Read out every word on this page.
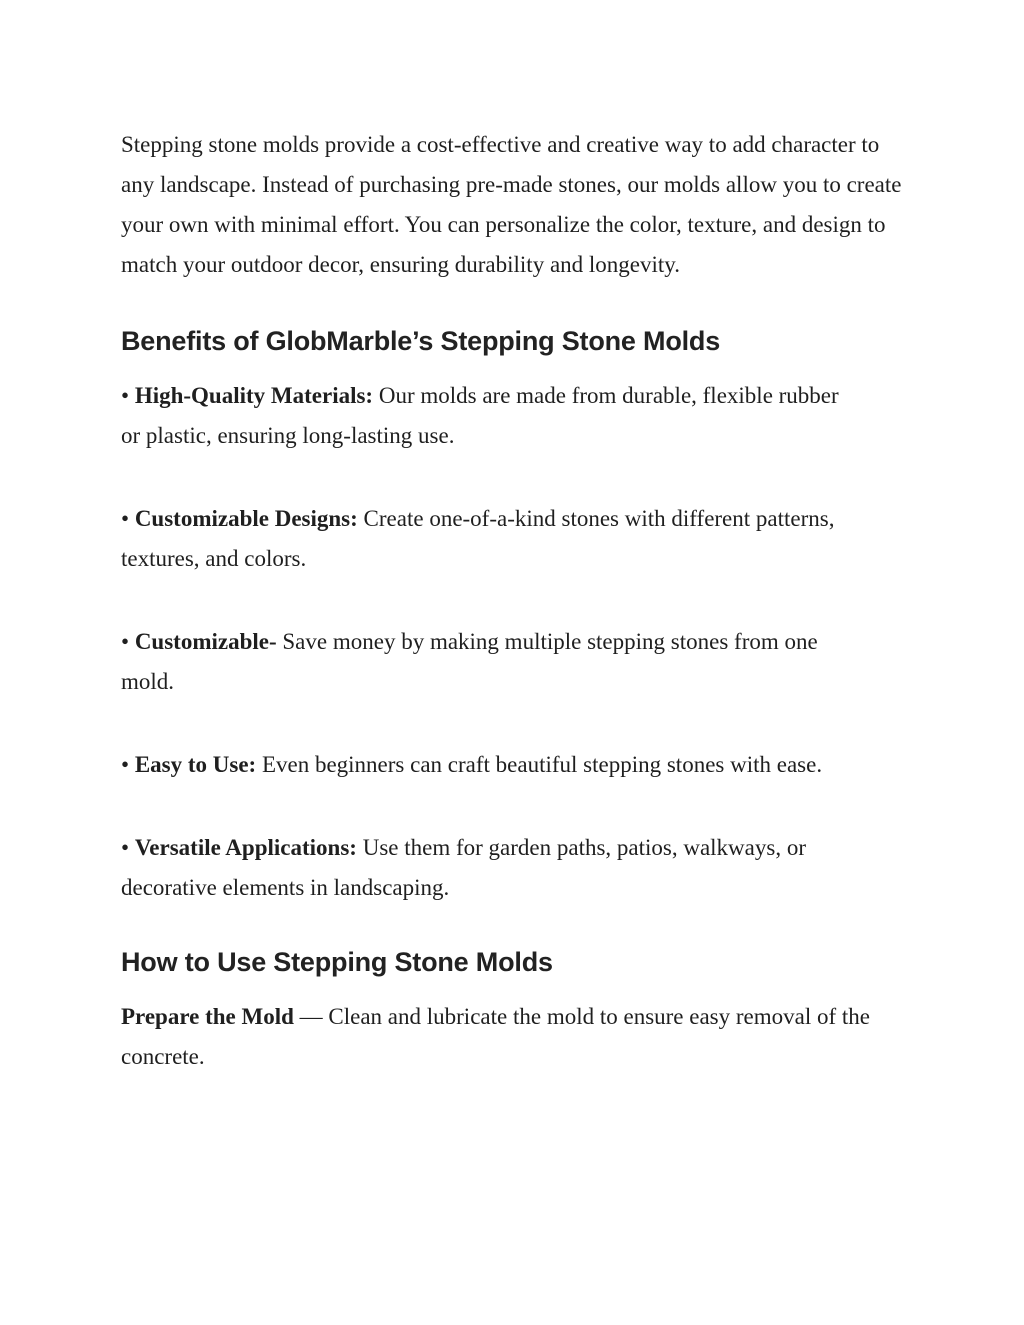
Stepping stone molds provide a cost-effective and creative way to add character to any landscape. Instead of purchasing pre-made stones, our molds allow you to create your own with minimal effort. You can personalize the color, texture, and design to match your outdoor decor, ensuring durability and longevity.

Benefits of GlobMarble’s Stepping Stone Molds

• High-Quality Materials: Our molds are made from durable, flexible rubber or plastic, ensuring long-lasting use.

• Customizable Designs: Create one-of-a-kind stones with different patterns, textures, and colors.

• Customizable- Save money by making multiple stepping stones from one mold.

• Easy to Use: Even beginners can craft beautiful stepping stones with ease.

• Versatile Applications: Use them for garden paths, patios, walkways, or decorative elements in landscaping.

How to Use Stepping Stone Molds

Prepare the Mold — Clean and lubricate the mold to ensure easy removal of the concrete.
